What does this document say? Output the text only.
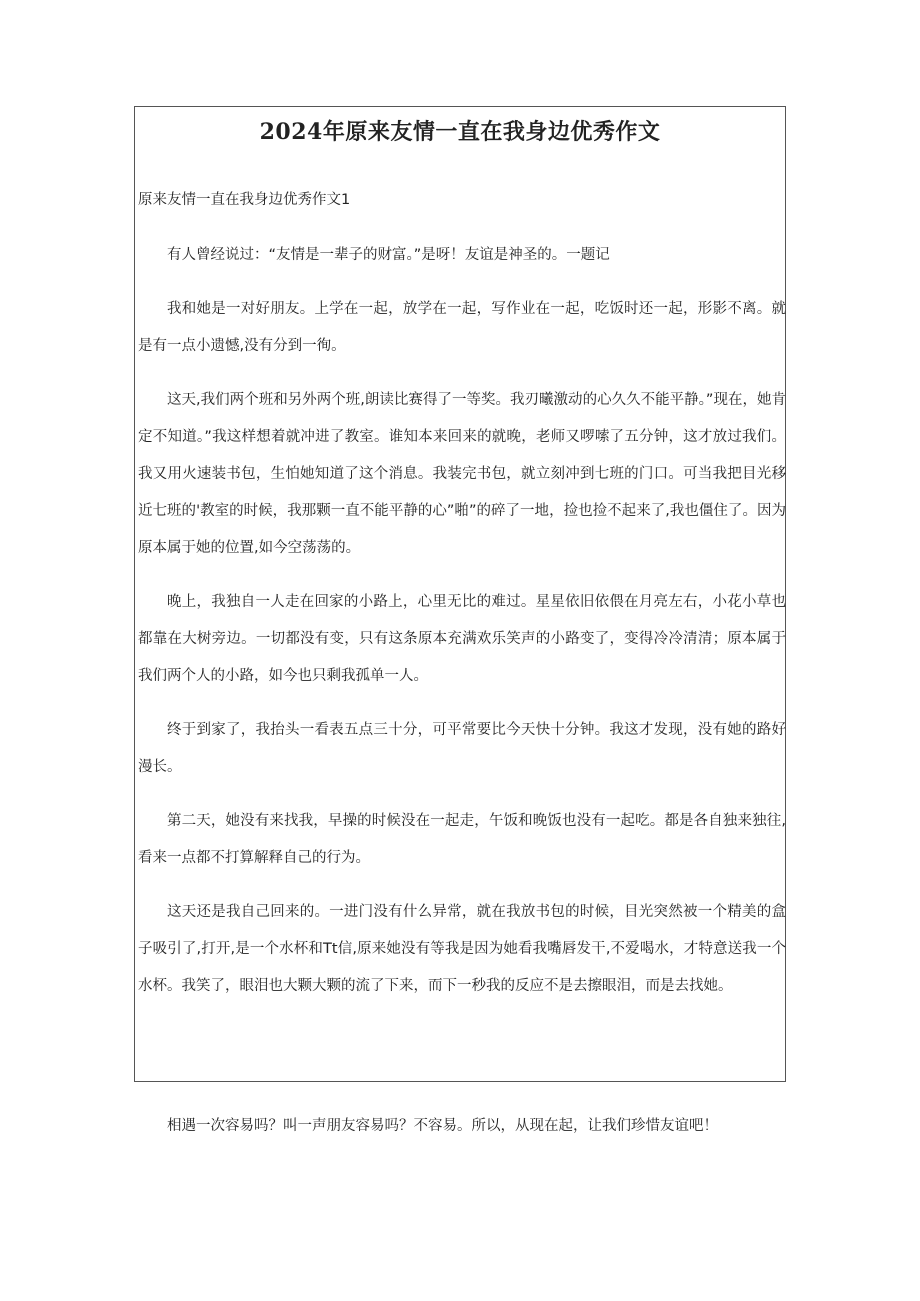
2024年原来友情一直在我身边优秀作文
原来友情一直在我身边优秀作文1

有人曾经说过：“友情是一辈子的财富。”是呀！友谊是神圣的。一题记

我和她是一对好朋友。上学在一起，放学在一起，写作业在一起，吃饭时还一起，形影不离。就是有一点小遗憾,没有分到一徇。

这天,我们两个班和另外两个班,朗读比赛得了一等奖。我刃曦激动的心久久不能平静。”现在，她肯定不知道。”我这样想着就冲进了教室。谁知本来回来的就晚，老师又啰嗦了五分钟，这才放过我们。我又用火速装书包，生怕她知道了这个消息。我装完书包，就立刻冲到七班的门口。可当我把目光移近七班的'教室的时候，我那颗一直不能平静的心”啪”的碎了一地，捡也捡不起来了,我也僵住了。因为原本属于她的位置,如今空荡荡的。

晚上，我独自一人走在回家的小路上，心里无比的难过。星星依旧依偎在月亮左右，小花小草也都靠在大树旁边。一切都没有变，只有这条原本充满欢乐笑声的小路变了，变得冷冷清清；原本属于我们两个人的小路，如今也只剩我孤单一人。

终于到家了，我抬头一看表五点三十分，可平常要比今天快十分钟。我这才发现，没有她的路好漫长。

第二天，她没有来找我，早操的时候没在一起走，午饭和晚饭也没有一起吃。都是各自独来独往,看来一点都不打算解释自己的行为。

这天还是我自己回来的。一进门没有什么异常，就在我放书包的时候，目光突然被一个精美的盒子吸引了,打开,是一个水杯和Tt信,原来她没有等我是因为她看我嘴唇发干,不爱喝水，才特意送我一个水杯。我笑了，眼泪也大颗大颗的流了下来，而下一秒我的反应不是去擦眼泪，而是去找她。

相遇一次容易吗？叫一声朋友容易吗？不容易。所以，从现在起，让我们珍惜友谊吧！
